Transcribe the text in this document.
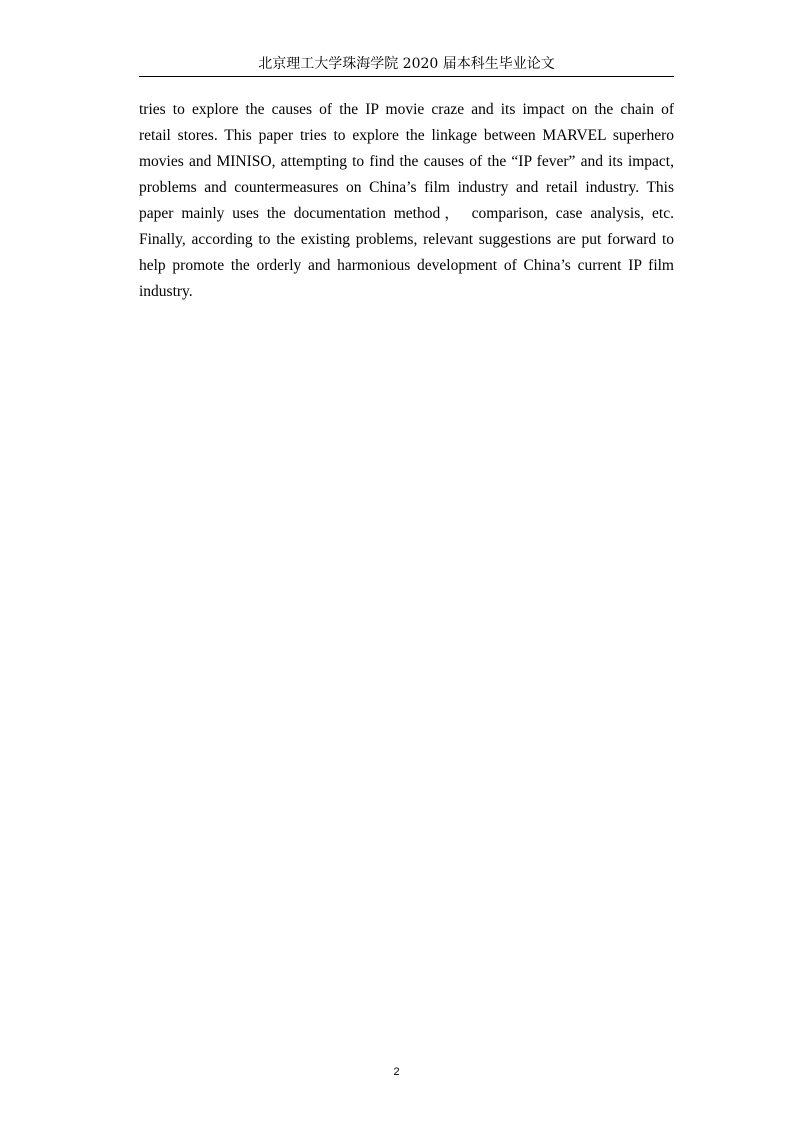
北京理工大学珠海学院 2020 届本科生毕业论文
tries to explore the causes of the IP movie craze and its impact on the chain of
retail stores. This paper tries to explore the linkage between MARVEL superhero
movies and MINISO, attempting to find the causes of the “IP fever” and its impact,
problems and countermeasures on China’s film industry and retail industry. This
paper mainly uses the documentation method， comparison, case analysis, etc.
Finally, according to the existing problems, relevant suggestions are put forward to
help promote the orderly and harmonious development of China’s current IP film
industry.
2
